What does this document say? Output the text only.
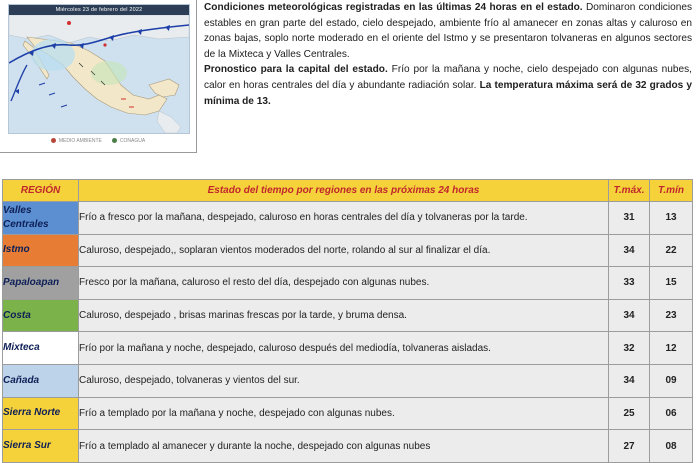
Miércoles 23 de febrero del 2022
MEDIO AMBIENTE	CONAGUA
Condiciones meteorológicas registradas en las últimas 24 horas en el estado. Dominaron condiciones estables en gran parte del estado, cielo despejado, ambiente frío al amanecer en zonas altas y caluroso en zonas bajas, soplo norte moderado en el oriente del Istmo y se presentaron tolvaneras en algunos sectores de la Mixteca y Valles Centrales.
Pronostico para la capital del estado. Frío por la mañana y noche, cielo despejado con algunas nubes, calor en horas centrales del día y abundante radiación solar. La temperatura máxima será de 32 grados y mínima de 13.
REGIÓN	Estado del tiempo por regiones en las próximas 24 horas	T.máx.	T.mín
Valles Centrales	Frío a fresco por la mañana, despejado, caluroso en horas centrales del día y tolvaneras por la tarde.	31	13
Istmo	Caluroso, despejado,, soplaran vientos moderados del norte, rolando al sur al finalizar el día.	34	22
Papaloapan	Fresco por la mañana, caluroso el resto del día, despejado con algunas nubes.	33	15
Costa	Caluroso, despejado , brisas marinas frescas por la tarde, y bruma densa.	34	23
Mixteca	Frío por la mañana y noche, despejado, caluroso después del mediodía, tolvaneras aisladas.	32	12
Cañada	Caluroso, despejado, tolvaneras y vientos del sur.	34	09
Sierra Norte	Frío a templado por la mañana y noche, despejado con algunas nubes.	25	06
Sierra Sur	Frío a templado al amanecer y durante la noche, despejado con algunas nubes	27	08
